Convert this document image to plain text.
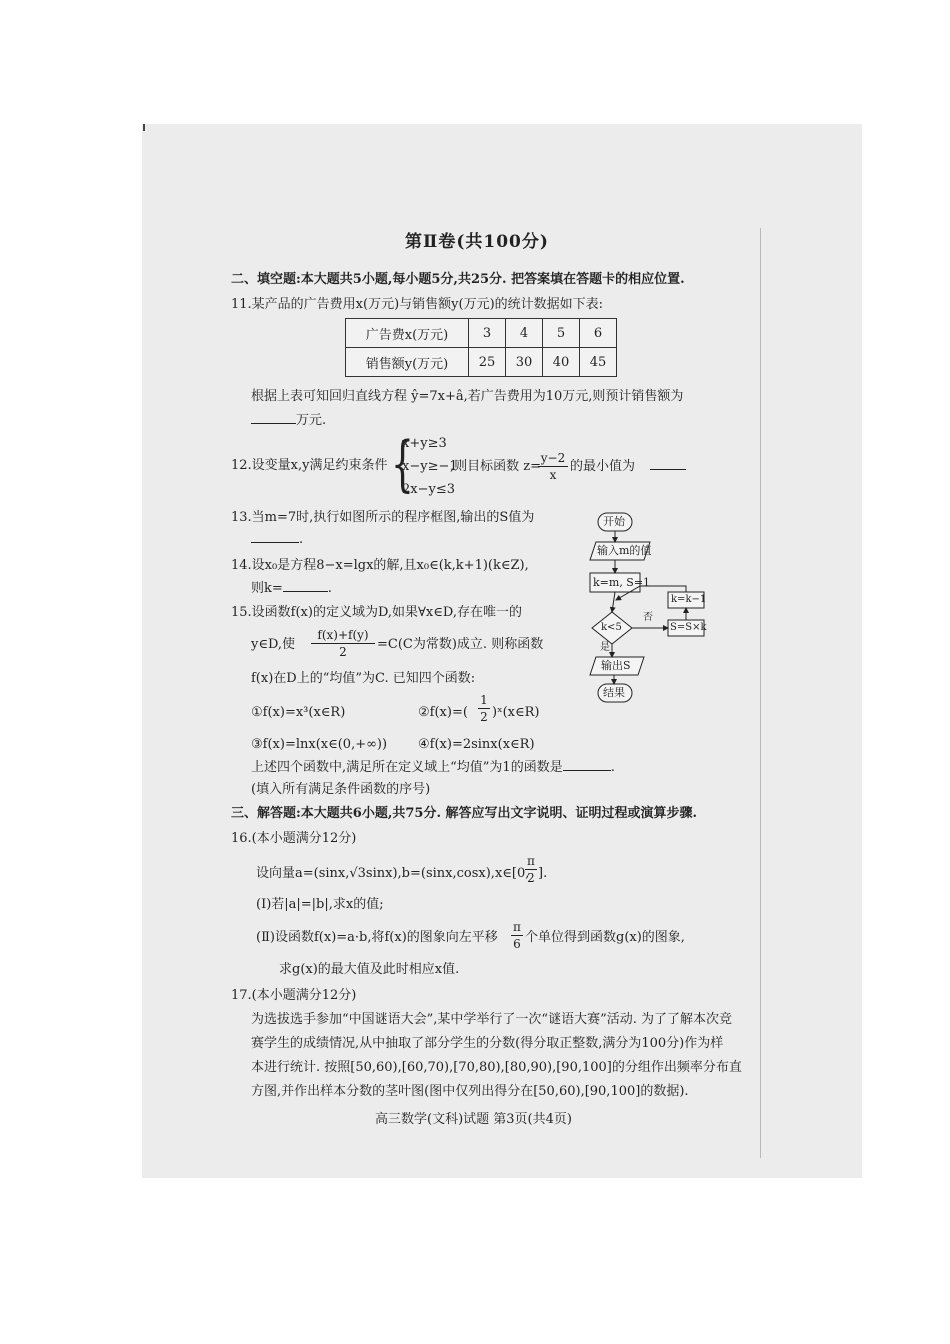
第Ⅱ卷(共100分)
二、填空题:本大题共5小题,每小题5分,共25分. 把答案填在答题卡的相应位置.
11.某产品的广告费用x(万元)与销售额y(万元)的统计数据如下表:
广告费x(万元)	3	4	5	6
销售额y(万元)	25	30	40	45
根据上表可知回归直线方程 ŷ=7x+â,若广告费用为10万元,则预计销售额为
万元.
12.设变量x,y满足约束条件 {
x+y≥3
x−y≥−1
2x−y≤3
,则目标函数 z=
y−2
x
的最小值为
13.当m=7时,执行如图所示的程序框图,输出的S值为
.
14.设x₀是方程8−x=lgx的解,且x₀∈(k,k+1)(k∈Z),
则k=	.
15.设函数f(x)的定义域为D,如果∀x∈D,存在唯一的
y∈D,使
f(x)+f(y)
2	=C(C为常数)成立. 则称函数
f(x)在D上的“均值”为C. 已知四个函数:
①f(x)=x³(x∈R)	②f(x)=(
1
2 )ˣ(x∈R)
③f(x)=lnx(x∈(0,+∞)) ④f(x)=2sinx(x∈R)
上述四个函数中,满足所在定义域上“均值”为1的函数是	.
(填入所有满足条件函数的序号)
开始
输入m的值
k=m, S=1
k<5
否
是
k=k−1
S=S×k
输出S
结果
三、解答题:本大题共6小题,共75分. 解答应写出文字说明、证明过程或演算步骤.
16.(本小题满分12分)
设向量a=(sinx,√3sinx),b=(sinx,cosx),x∈[0,
π
2 ].
(Ⅰ)若|a|=|b|,求x的值;
(Ⅱ)设函数f(x)=a·b,将f(x)的图象向左平移
π
6 个单位得到函数g(x)的图象,
求g(x)的最大值及此时相应x值.
17.(本小题满分12分)
为选拔选手参加“中国谜语大会”,某中学举行了一次“谜语大赛”活动. 为了了解本次竞
赛学生的成绩情况,从中抽取了部分学生的分数(得分取正整数,满分为100分)作为样
本进行统计. 按照[50,60),[60,70),[70,80),[80,90),[90,100]的分组作出频率分布直
方图,并作出样本分数的茎叶图(图中仅列出得分在[50,60),[90,100]的数据).
高三数学(文科)试题 第3页(共4页)
